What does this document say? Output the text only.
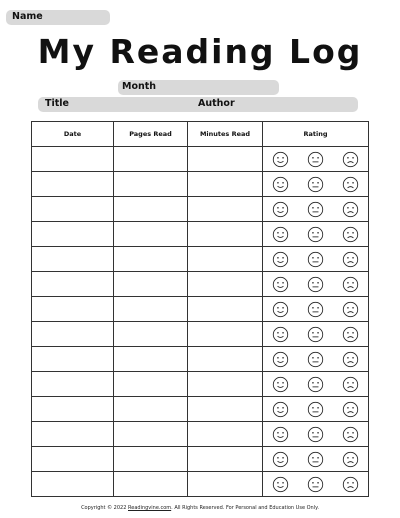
Name
My Reading Log
Month
Title	Author
Date	Pages Read	Minutes Read	Rating

Copyright © 2022 Readingvine.com. All Rights Reserved. For Personal and Education Use Only.
